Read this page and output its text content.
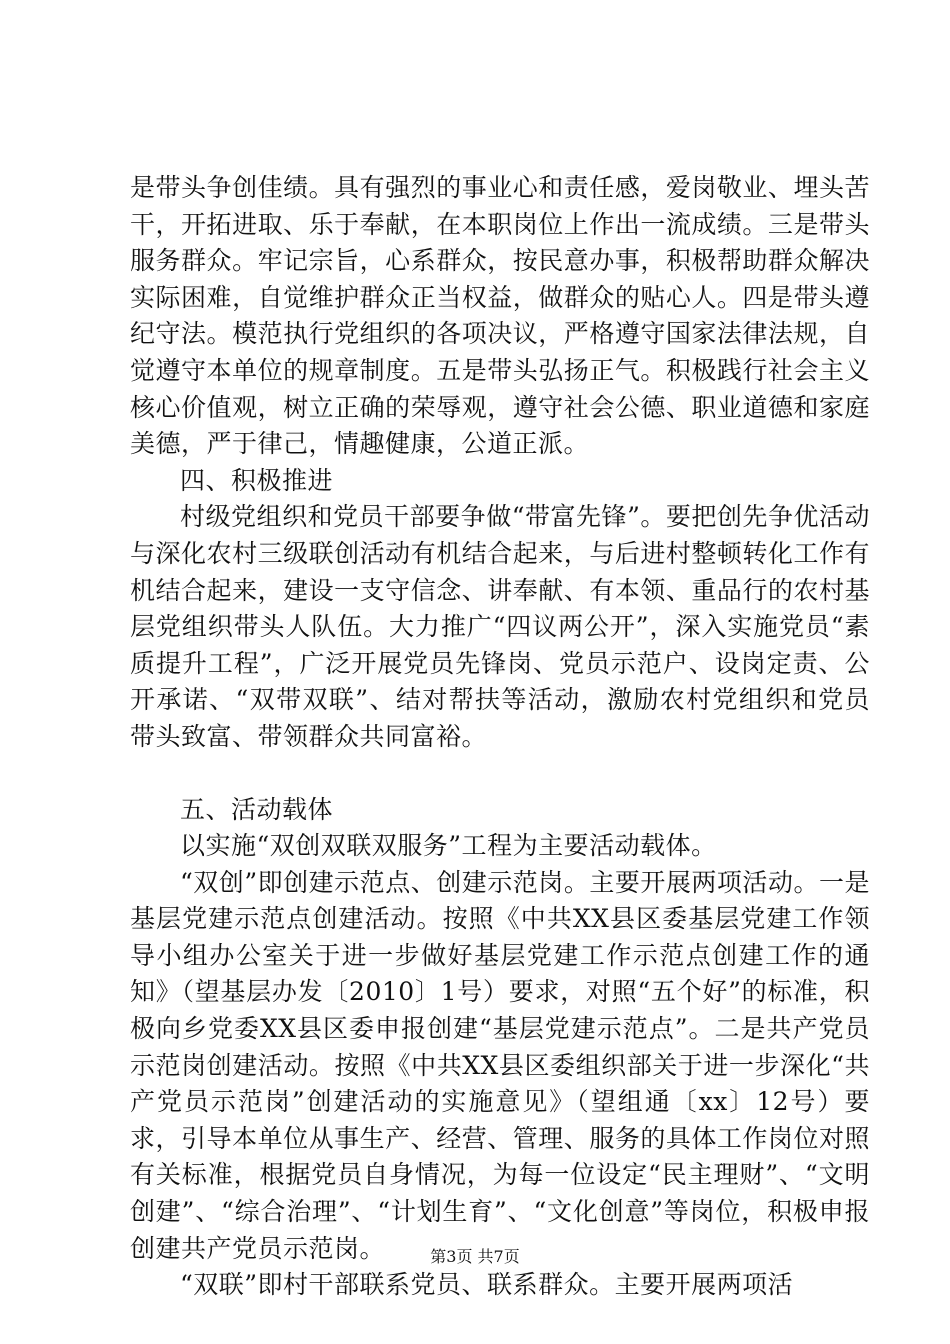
是带头争创佳绩。具有强烈的事业心和责任感，爱岗敬业、埋头苦干，开拓进取、乐于奉献，在本职岗位上作出一流成绩。三是带头服务群众。牢记宗旨，心系群众，按民意办事，积极帮助群众解决实际困难，自觉维护群众正当权益，做群众的贴心人。四是带头遵纪守法。模范执行党组织的各项决议，严格遵守国家法律法规，自觉遵守本单位的规章制度。五是带头弘扬正气。积极践行社会主义核心价值观，树立正确的荣辱观，遵守社会公德、职业道德和家庭美德，严于律己，情趣健康，公道正派。

四、积极推进

村级党组织和党员干部要争做“带富先锋”。要把创先争优活动与深化农村三级联创活动有机结合起来，与后进村整顿转化工作有机结合起来，建设一支守信念、讲奉献、有本领、重品行的农村基层党组织带头人队伍。大力推广“四议两公开”，深入实施党员“素质提升工程”，广泛开展党员先锋岗、党员示范户、设岗定责、公开承诺、“双带双联”、结对帮扶等活动，激励农村党组织和党员带头致富、带领群众共同富裕。

五、活动载体

以实施“双创双联双服务”工程为主要活动载体。

“双创”即创建示范点、创建示范岗。主要开展两项活动。一是基层党建示范点创建活动。按照《中共XX县区委基层党建工作领导小组办公室关于进一步做好基层党建工作示范点创建工作的通知》（望基层办发〔2010〕1号）要求，对照“五个好”的标准，积极向乡党委XX县区委申报创建“基层党建示范点”。二是共产党员示范岗创建活动。按照《中共XX县区委组织部关于进一步深化“共产党员示范岗”创建活动的实施意见》（望组通〔xx〕12号）要求，引导本单位从事生产、经营、管理、服务的具体工作岗位对照有关标准，根据党员自身情况，为每一位设定“民主理财”、“文明创建”、“综合治理”、“计划生育”、“文化创意”等岗位，积极申报创建共产党员示范岗。

“双联”即村干部联系党员、联系群众。主要开展两项活

第3页 共7页
